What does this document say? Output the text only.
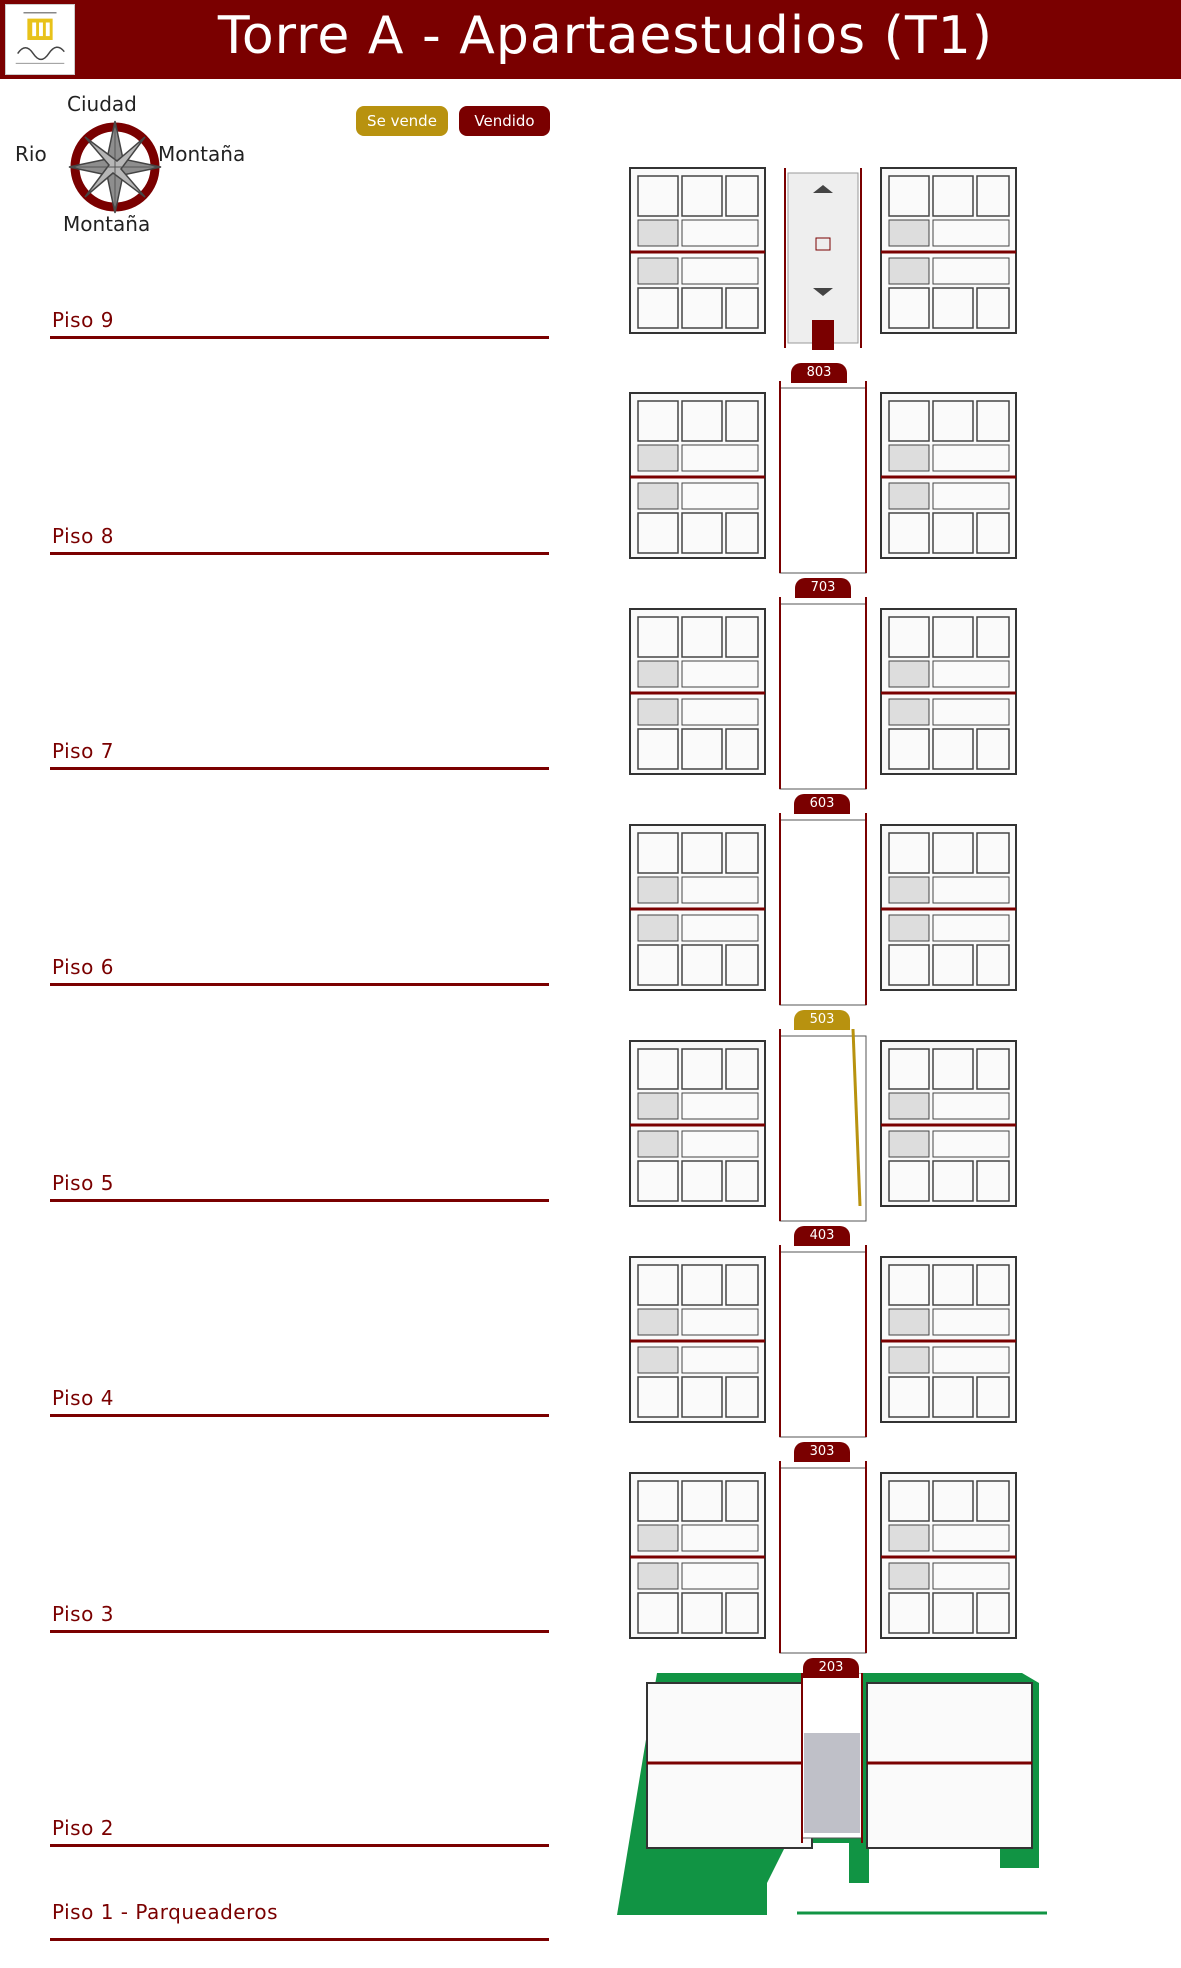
Torre A - Apartaestudios (T1)
Ciudad
Rio	Montaña
Montaña
Se vende	Vendido
Piso 9
Piso 8
Piso 7
Piso 6
Piso 5
Piso 4
Piso 3
Piso 2
Piso 1 - Parqueaderos
803
703
603
503
403
303
203
